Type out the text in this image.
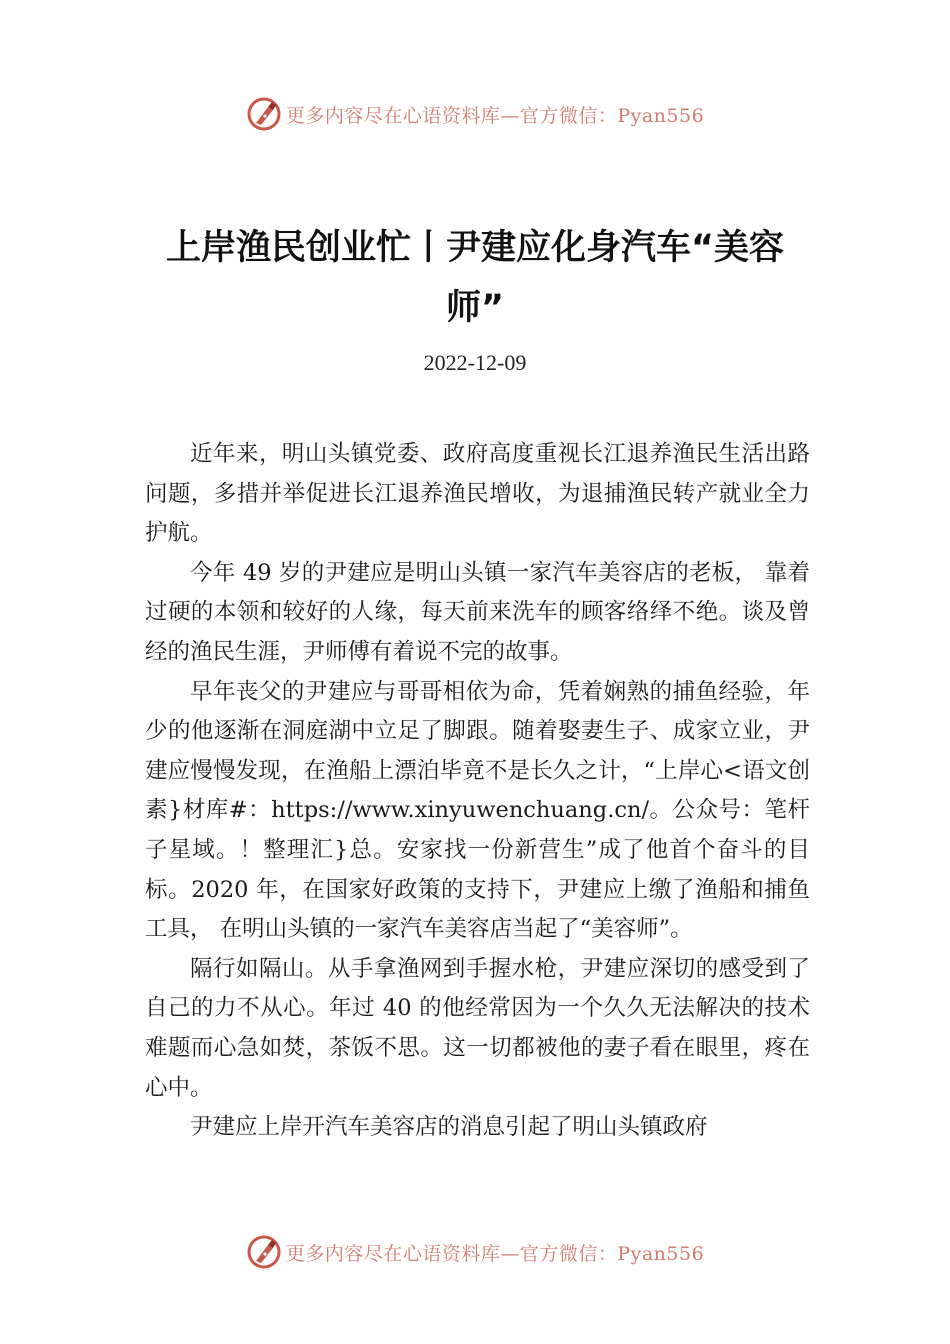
更多内容尽在心语资料库—官方微信：Pyan556
上岸渔民创业忙丨尹建应化身汽车“美容师”
2022-12-09

近年来，明山头镇党委、政府高度重视长江退养渔民生活出路问题，多措并举促进长江退养渔民增收，为退捕渔民转产就业全力护航。

今年 49 岁的尹建应是明山头镇一家汽车美容店的老板， 靠着过硬的本领和较好的人缘，每天前来洗车的顾客络绎不绝。谈及曾经的渔民生涯，尹师傅有着说不完的故事。

早年丧父的尹建应与哥哥相依为命，凭着娴熟的捕鱼经验，年少的他逐渐在洞庭湖中立足了脚跟。随着娶妻生子、成家立业，尹建应慢慢发现，在渔船上漂泊毕竟不是长久之计，“上岸心<语文创素}材库#：https://www.xinyuwenchuang.cn/。公众号：笔杆子星域。！整理汇}总。安家找一份新营生”成了他首个奋斗的目标。2020 年，在国家好政策的支持下，尹建应上缴了渔船和捕鱼工具， 在明山头镇的一家汽车美容店当起了“美容师”。

隔行如隔山。从手拿渔网到手握水枪，尹建应深切的感受到了自己的力不从心。年过 40 的他经常因为一个久久无法解决的技术难题而心急如焚，茶饭不思。这一切都被他的妻子看在眼里，疼在心中。

尹建应上岸开汽车美容店的消息引起了明山头镇政府

更多内容尽在心语资料库—官方微信：Pyan556
